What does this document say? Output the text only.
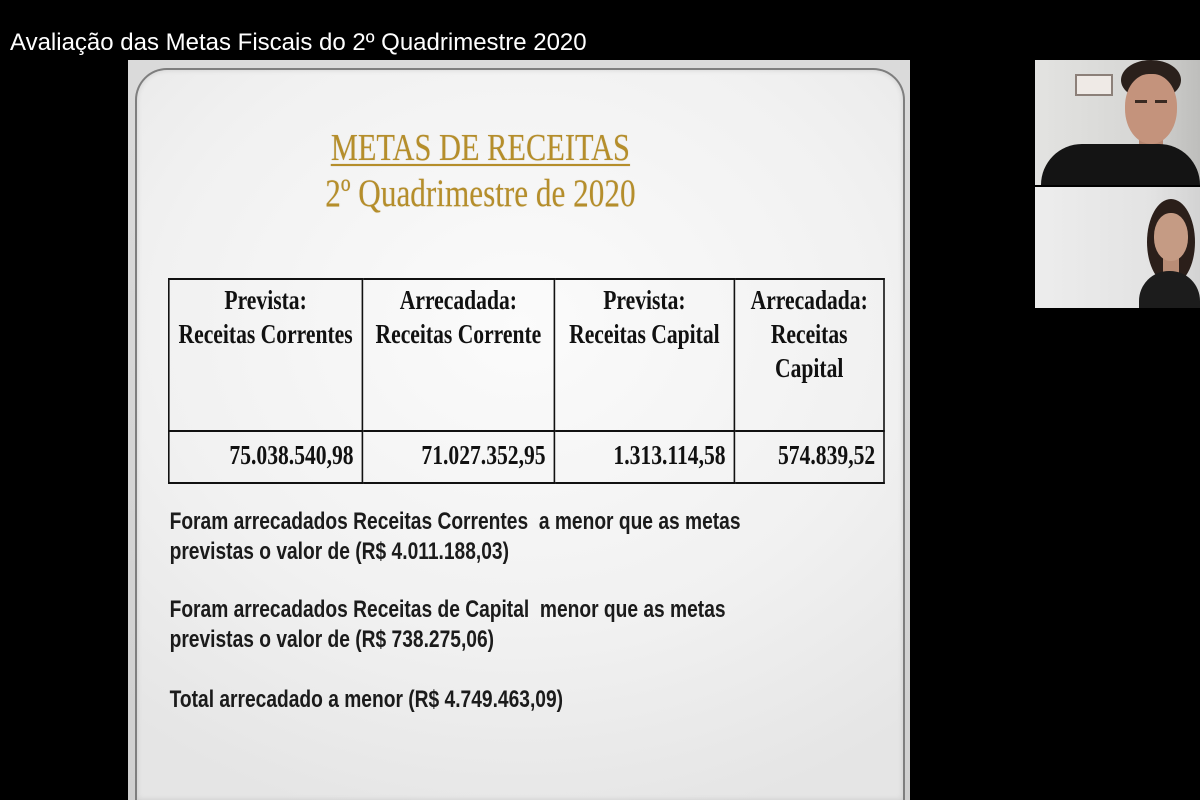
METAS DE RECEITAS
2º Quadrimestre de 2020
Prevista:
Receitas Correntes
Arrecadada:
Receitas Corrente
Prevista:
Receitas Capital
Arrecadada:
Receitas
Capital
75.038.540,98	71.027.352,95	1.313.114,58 574.839,52
Foram arrecadados Receitas Correntes  a menor que as metas
previstas o valor de (R$ 4.011.188,03)
Foram arrecadados Receitas de Capital  menor que as metas
previstas o valor de (R$ 738.275,06)
Total arrecadado a menor (R$ 4.749.463,09)
Avaliação das Metas Fiscais do 2º Quadrimestre 2020
